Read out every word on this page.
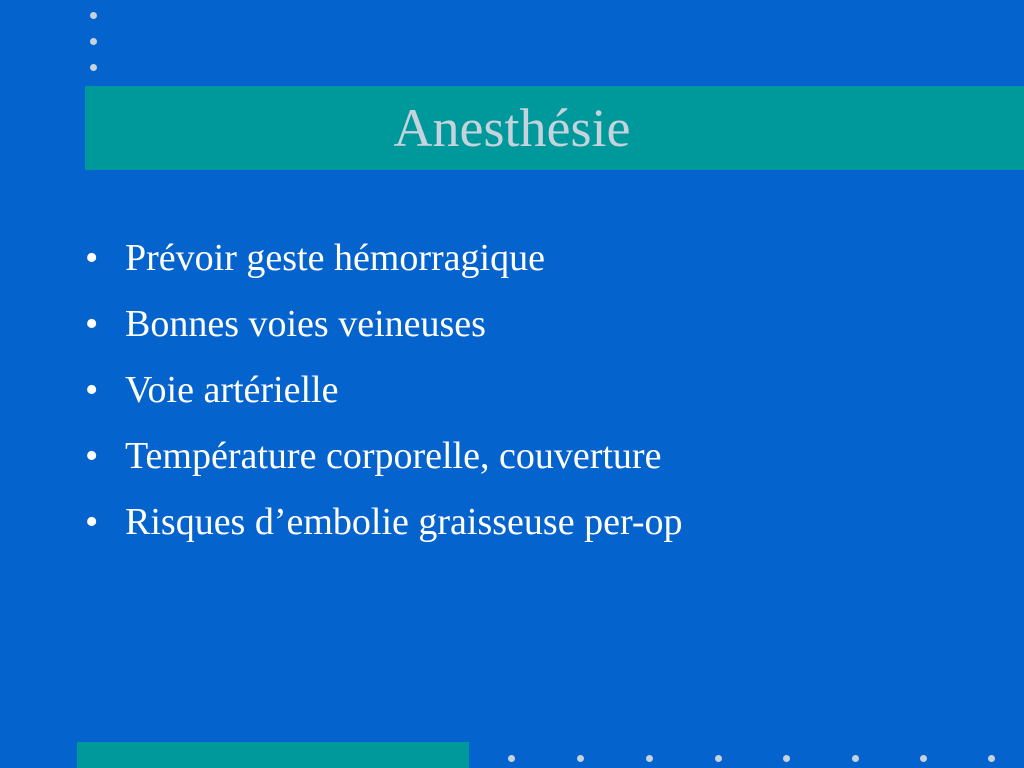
Anesthésie
• Prévoir geste hémorragique
• Bonnes voies veineuses
• Voie artérielle
• Température corporelle, couverture
• Risques d’embolie graisseuse per-op
